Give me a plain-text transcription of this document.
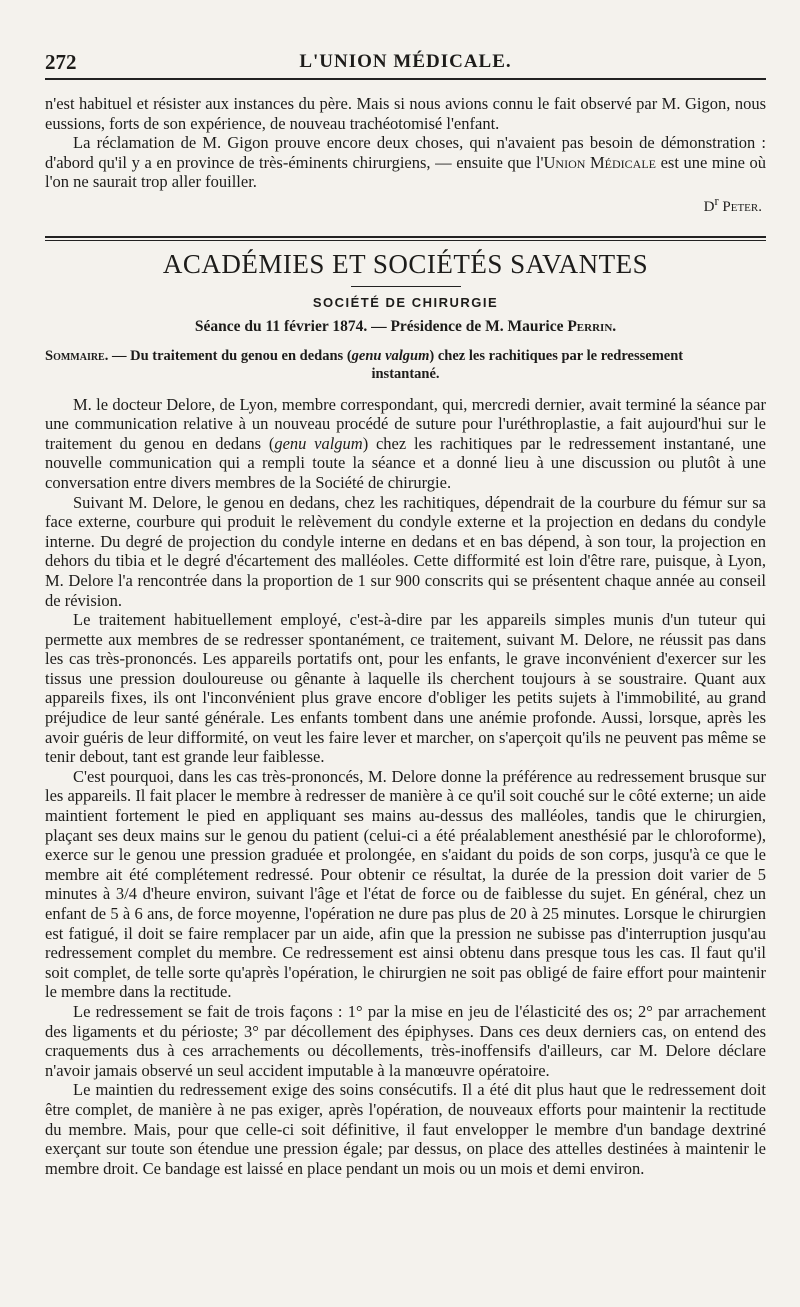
272	L'UNION MÉDICALE.

n'est habituel et résister aux instances du père. Mais si nous avions connu le fait observé par M. Gigon, nous eussions, forts de son expérience, de nouveau trachéotomisé l'enfant.

La réclamation de M. Gigon prouve encore deux choses, qui n'avaient pas besoin de démonstration : d'abord qu'il y a en province de très-éminents chirurgiens, — ensuite que l'Union Médicale est une mine où l'on ne saurait trop aller fouiller.

$D^r$ Peter.

ACADÉMIES ET SOCIÉTÉS SAVANTES
SOCIÉTÉ DE CHIRURGIE
Séance du 11 février 1874. — Présidence de M. Maurice Perrin.
Sommaire. — Du traitement du genou en dedans (genu valgum) chez les rachitiques par le redressement
instantané.

M. le docteur Delore, de Lyon, membre correspondant, qui, mercredi dernier, avait terminé la séance par une communication relative à un nouveau procédé de suture pour l'uréthroplastie, a fait aujourd'hui sur le traitement du genou en dedans (genu valgum) chez les rachitiques par le redressement instantané, une nouvelle communication qui a rempli toute la séance et a donné lieu à une discussion ou plutôt à une conversation entre divers membres de la Société de chirurgie.

Suivant M. Delore, le genou en dedans, chez les rachitiques, dépendrait de la courbure du fémur sur sa face externe, courbure qui produit le relèvement du condyle externe et la projection en dedans du condyle interne. Du degré de projection du condyle interne en dedans et en bas dépend, à son tour, la projection en dehors du tibia et le degré d'écartement des malléoles. Cette difformité est loin d'être rare, puisque, à Lyon, M. Delore l'a rencontrée dans la proportion de 1 sur 900 conscrits qui se présentent chaque année au conseil de révision.

Le traitement habituellement employé, c'est-à-dire par les appareils simples munis d'un tuteur qui permette aux membres de se redresser spontanément, ce traitement, suivant M. Delore, ne réussit pas dans les cas très-prononcés. Les appareils portatifs ont, pour les enfants, le grave inconvénient d'exercer sur les tissus une pression douloureuse ou gênante à laquelle ils cherchent toujours à se soustraire. Quant aux appareils fixes, ils ont l'inconvénient plus grave encore d'obliger les petits sujets à l'immobilité, au grand préjudice de leur santé générale. Les enfants tombent dans une anémie profonde. Aussi, lorsque, après les avoir guéris de leur difformité, on veut les faire lever et marcher, on s'aperçoit qu'ils ne peuvent pas même se tenir debout, tant est grande leur faiblesse.

C'est pourquoi, dans les cas très-prononcés, M. Delore donne la préférence au redressement brusque sur les appareils. Il fait placer le membre à redresser de manière à ce qu'il soit couché sur le côté externe; un aide maintient fortement le pied en appliquant ses mains au-dessus des malléoles, tandis que le chirurgien, plaçant ses deux mains sur le genou du patient (celui-ci a été préalablement anesthésié par le chloroforme), exerce sur le genou une pression graduée et prolongée, en s'aidant du poids de son corps, jusqu'à ce que le membre ait été complétement redressé. Pour obtenir ce résultat, la durée de la pression doit varier de 5 minutes à 3/4 d'heure environ, suivant l'âge et l'état de force ou de faiblesse du sujet. En général, chez un enfant de 5 à 6 ans, de force moyenne, l'opération ne dure pas plus de 20 à 25 minutes. Lorsque le chirurgien est fatigué, il doit se faire remplacer par un aide, afin que la pression ne subisse pas d'interruption jusqu'au redressement complet du membre. Ce redressement est ainsi obtenu dans presque tous les cas. Il faut qu'il soit complet, de telle sorte qu'après l'opération, le chirurgien ne soit pas obligé de faire effort pour maintenir le membre dans la rectitude.

Le redressement se fait de trois façons : 1° par la mise en jeu de l'élasticité des os; 2° par arrachement des ligaments et du périoste; 3° par décollement des épiphyses. Dans ces deux derniers cas, on entend des craquements dus à ces arrachements ou décollements, très-inoffensifs d'ailleurs, car M. Delore déclare n'avoir jamais observé un seul accident imputable à la manœuvre opératoire.

Le maintien du redressement exige des soins consécutifs. Il a été dit plus haut que le redressement doit être complet, de manière à ne pas exiger, après l'opération, de nouveaux efforts pour maintenir la rectitude du membre. Mais, pour que celle-ci soit définitive, il faut envelopper le membre d'un bandage dextriné exerçant sur toute son étendue une pression égale; par dessus, on place des attelles destinées à maintenir le membre droit. Ce bandage est laissé en place pendant un mois ou un mois et demi environ.
